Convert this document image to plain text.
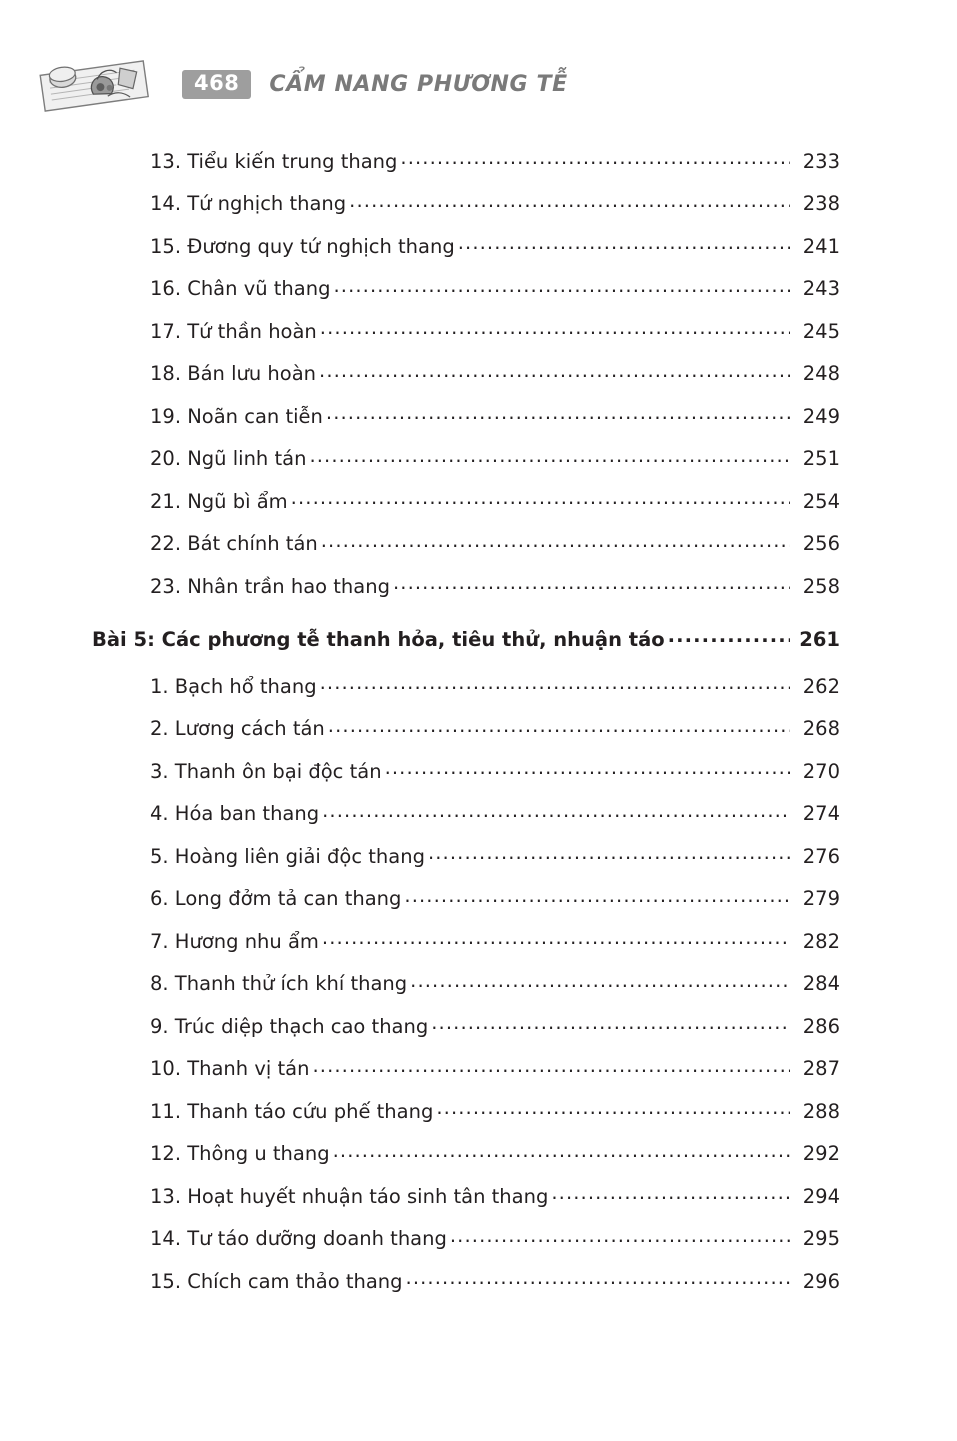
468	CẨM NANG PHƯƠNG TỄ
13. Tiểu kiến trung thang .....	233
14. Tứ nghịch thang .....	238
15. Đương quy tứ nghịch thang .....	241
16. Chân vũ thang .....	243
17. Tứ thần hoàn .....	245
18. Bán lưu hoàn .....	248
19. Noãn can tiễn .....	249
20. Ngũ linh tán .....	251
21. Ngũ bì ẩm .....	254
22. Bát chính tán .....	256
23. Nhân trần hao thang .....	258
Bài 5: Các phương tễ thanh hỏa, tiêu thử, nhuận táo .....	261
1. Bạch hổ thang .....	262
2. Lương cách tán .....	268
3. Thanh ôn bại độc tán .....	270
4. Hóa ban thang .....	274
5. Hoàng liên giải độc thang .....	276
6. Long đởm tả can thang .....	279
7. Hương nhu ẩm .....	282
8. Thanh thử ích khí thang .....	284
9. Trúc diệp thạch cao thang .....	286
10. Thanh vị tán .....	287
11. Thanh táo cứu phế thang .....	288
12. Thông u thang .....	292
13. Hoạt huyết nhuận táo sinh tân thang .....	294
14. Tư táo dưỡng doanh thang .....	295
15. Chích cam thảo thang .....	296
